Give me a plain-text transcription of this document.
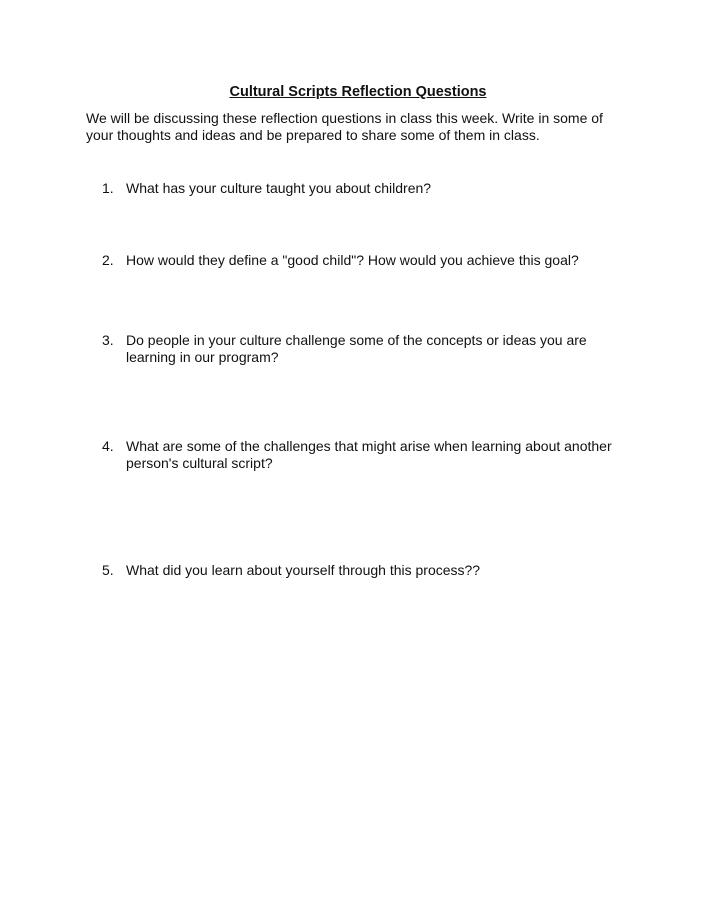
Cultural Scripts Reflection Questions
We will be discussing these reflection questions in class this week. Write in some of your thoughts and ideas and be prepared to share some of them in class.
1. What has your culture taught you about children?
2. How would they define a "good child"? How would you achieve this goal?
3. Do people in your culture challenge some of the concepts or ideas you are learning in our program?
4. What are some of the challenges that might arise when learning about another person's cultural script?
5. What did you learn about yourself through this process??
